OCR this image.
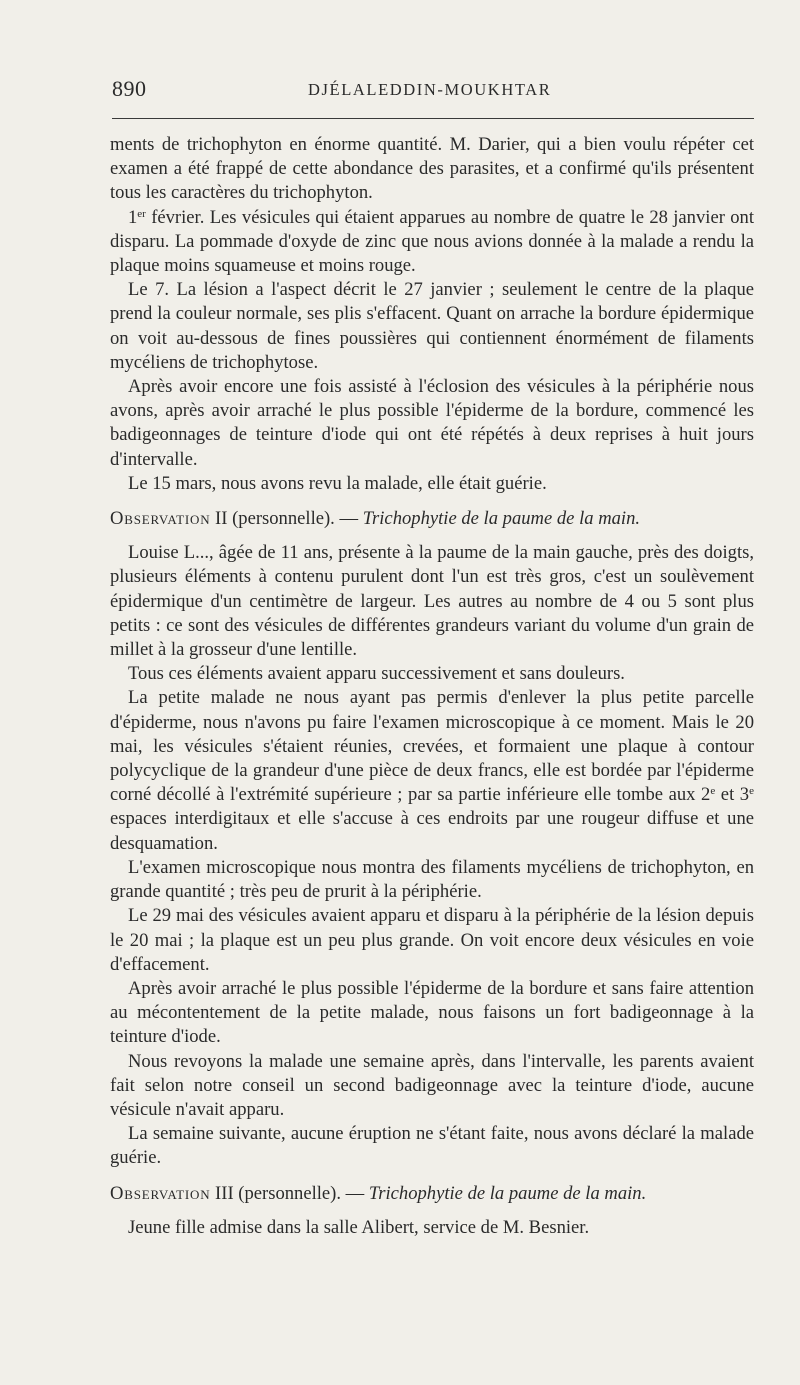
890	DJÉLALEDDIN-MOUKHTAR

ments de trichophyton en énorme quantité. M. Darier, qui a bien voulu répéter cet examen a été frappé de cette abondance des parasites, et a confirmé qu'ils présentent tous les caractères du trichophyton.

1er février. Les vésicules qui étaient apparues au nombre de quatre le 28 janvier ont disparu. La pommade d'oxyde de zinc que nous avions donnée à la malade a rendu la plaque moins squameuse et moins rouge.

Le 7. La lésion a l'aspect décrit le 27 janvier ; seulement le centre de la plaque prend la couleur normale, ses plis s'effacent. Quant on arrache la bordure épidermique on voit au-dessous de fines poussières qui contiennent énormément de filaments mycéliens de trichophytose.

Après avoir encore une fois assisté à l'éclosion des vésicules à la périphérie nous avons, après avoir arraché le plus possible l'épiderme de la bordure, commencé les badigeonnages de teinture d'iode qui ont été répétés à deux reprises à huit jours d'intervalle.

Le 15 mars, nous avons revu la malade, elle était guérie.

Observation II (personnelle). — Trichophytie de la paume de la main.

Louise L..., âgée de 11 ans, présente à la paume de la main gauche, près des doigts, plusieurs éléments à contenu purulent dont l'un est très gros, c'est un soulèvement épidermique d'un centimètre de largeur. Les autres au nombre de 4 ou 5 sont plus petits : ce sont des vésicules de différentes grandeurs variant du volume d'un grain de millet à la grosseur d'une lentille.

Tous ces éléments avaient apparu successivement et sans douleurs.

La petite malade ne nous ayant pas permis d'enlever la plus petite parcelle d'épiderme, nous n'avons pu faire l'examen microscopique à ce moment. Mais le 20 mai, les vésicules s'étaient réunies, crevées, et formaient une plaque à contour polycyclique de la grandeur d'une pièce de deux francs, elle est bordée par l'épiderme corné décollé à l'extrémité supérieure ; par sa partie inférieure elle tombe aux 2e et 3e espaces interdigitaux et elle s'accuse à ces endroits par une rougeur diffuse et une desquamation.

L'examen microscopique nous montra des filaments mycéliens de trichophyton, en grande quantité ; très peu de prurit à la périphérie.

Le 29 mai des vésicules avaient apparu et disparu à la périphérie de la lésion depuis le 20 mai ; la plaque est un peu plus grande. On voit encore deux vésicules en voie d'effacement.

Après avoir arraché le plus possible l'épiderme de la bordure et sans faire attention au mécontentement de la petite malade, nous faisons un fort badigeonnage à la teinture d'iode.

Nous revoyons la malade une semaine après, dans l'intervalle, les parents avaient fait selon notre conseil un second badigeonnage avec la teinture d'iode, aucune vésicule n'avait apparu.

La semaine suivante, aucune éruption ne s'étant faite, nous avons déclaré la malade guérie.

Observation III (personnelle). — Trichophytie de la paume de la main.

Jeune fille admise dans la salle Alibert, service de M. Besnier.
